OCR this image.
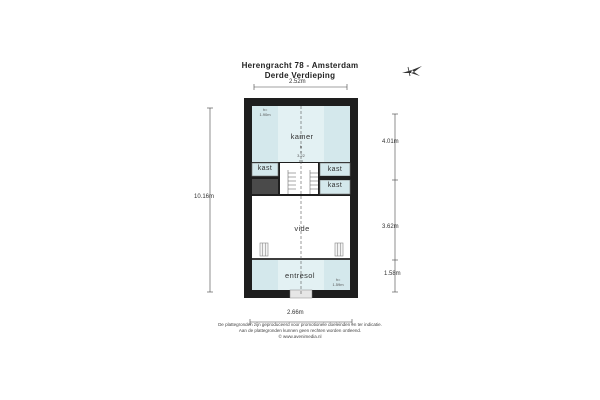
Herengracht 78 - Amsterdam
Derde Verdieping
2.52m
2.66m
10.16m
4.01m
3.62m
1.58m
kamer
kast	kast
kast
vide
entresol
h=
1.90m
h
=
3.22
m
h=
1.59m
De plattegronden zijn geproduceerd voor promotionele doeleinden en ter indicatie.
Aan de plattegronden kunnen geen rechten worden ontleend.
© www.avenimedia.nl
